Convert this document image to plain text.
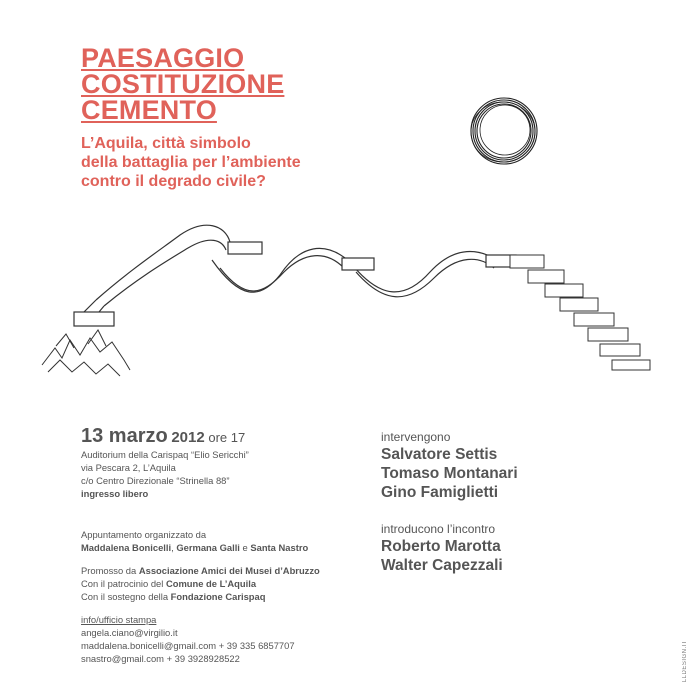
PAESAGGIO
COSTITUZIONE
CEMENTO
L’Aquila, città simbolo
della battaglia per l’ambiente
contro il degrado civile?
13 marzo 2012 ore 17
Auditorium della Carispaq “Elio Sericchi”
via Pescara 2, L’Aquila
c/o Centro Direzionale “Strinella 88”
ingresso libero
Appuntamento organizzato da
Maddalena Bonicelli, Germana Galli e Santa Nastro
Promosso da Associazione Amici dei Musei d’Abruzzo
Con il patrocinio del Comune de L’Aquila
Con il sostegno della Fondazione Carispaq
info/ufficio stampa
angela.ciano@virgilio.it
maddalena.bonicelli@gmail.com + 39 335 6857707
snastro@gmail.com + 39 3928928522
intervengono
Salvatore Settis
Tomaso Montanari
Gino Famiglietti
introducono l’incontro
Roberto Marotta
Walter Capezzali
LLDESIGN.IT
